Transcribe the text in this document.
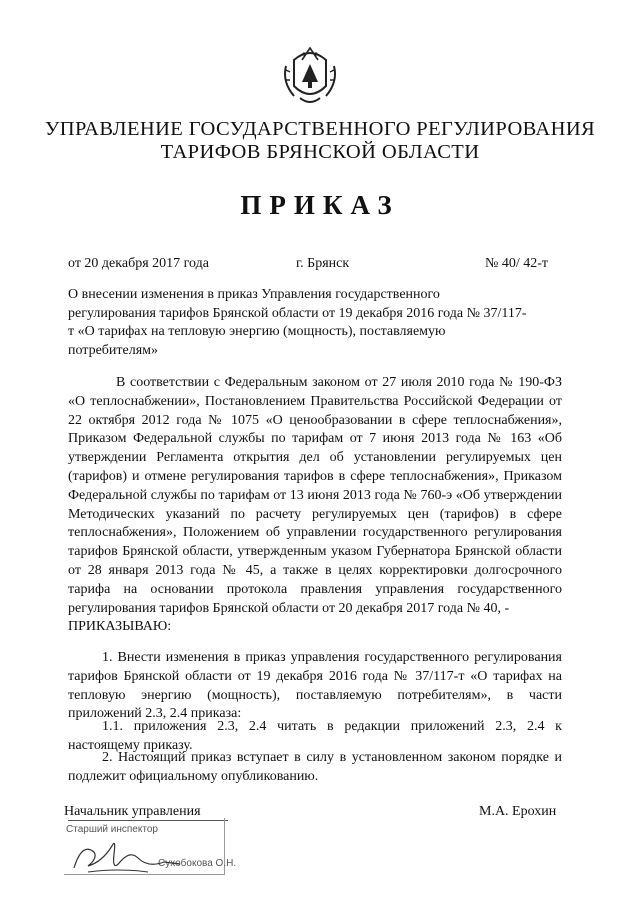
УПРАВЛЕНИЕ ГОСУДАРСТВЕННОГО РЕГУЛИРОВАНИЯ
ТАРИФОВ БРЯНСКОЙ ОБЛАСТИ
ПРИКАЗ
от 20 декабря 2017 года	г. Брянск	№ 40/ 42-т
О внесении изменения в приказ Управления государственного регулирования тарифов Брянской области от 19 декабря 2016 года № 37/117-т «О тарифах на тепловую энергию (мощность), поставляемую потребителям»

В соответствии с Федеральным законом от 27 июля 2010 года № 190-ФЗ «О теплоснабжении», Постановлением Правительства Российской Федерации от 22 октября 2012 года № 1075 «О ценообразовании в сфере теплоснабжения», Приказом Федеральной службы по тарифам от 7 июня 2013 года № 163 «Об утверждении Регламента открытия дел об установлении регулируемых цен (тарифов) и отмене регулирования тарифов в сфере теплоснабжения», Приказом Федеральной службы по тарифам от 13 июня 2013 года № 760-э «Об утверждении Методических указаний по расчету регулируемых цен (тарифов) в сфере теплоснабжения», Положением об управлении государственного регулирования тарифов Брянской области, утвержденным указом Губернатора Брянской области от 28 января 2013 года № 45, а также в целях корректировки долгосрочного тарифа на основании протокола правления управления государственного регулирования тарифов Брянской области от 20 декабря 2017 года № 40, -

ПРИКАЗЫВАЮ:

1. Внести изменения в приказ управления государственного регулирования тарифов Брянской области от 19 декабря 2016 года № 37/117-т «О тарифах на тепловую энергию (мощность), поставляемую потребителям», в части приложений 2.3, 2.4 приказа:

1.1. приложения 2.3, 2.4 читать в редакции приложений 2.3, 2.4 к настоящему приказу.

2. Настоящий приказ вступает в силу в установленном законом порядке и подлежит официальному опубликованию.

Начальник управления	М.А. Ерохин
Старший инспектор
Сухобокова О.Н.
